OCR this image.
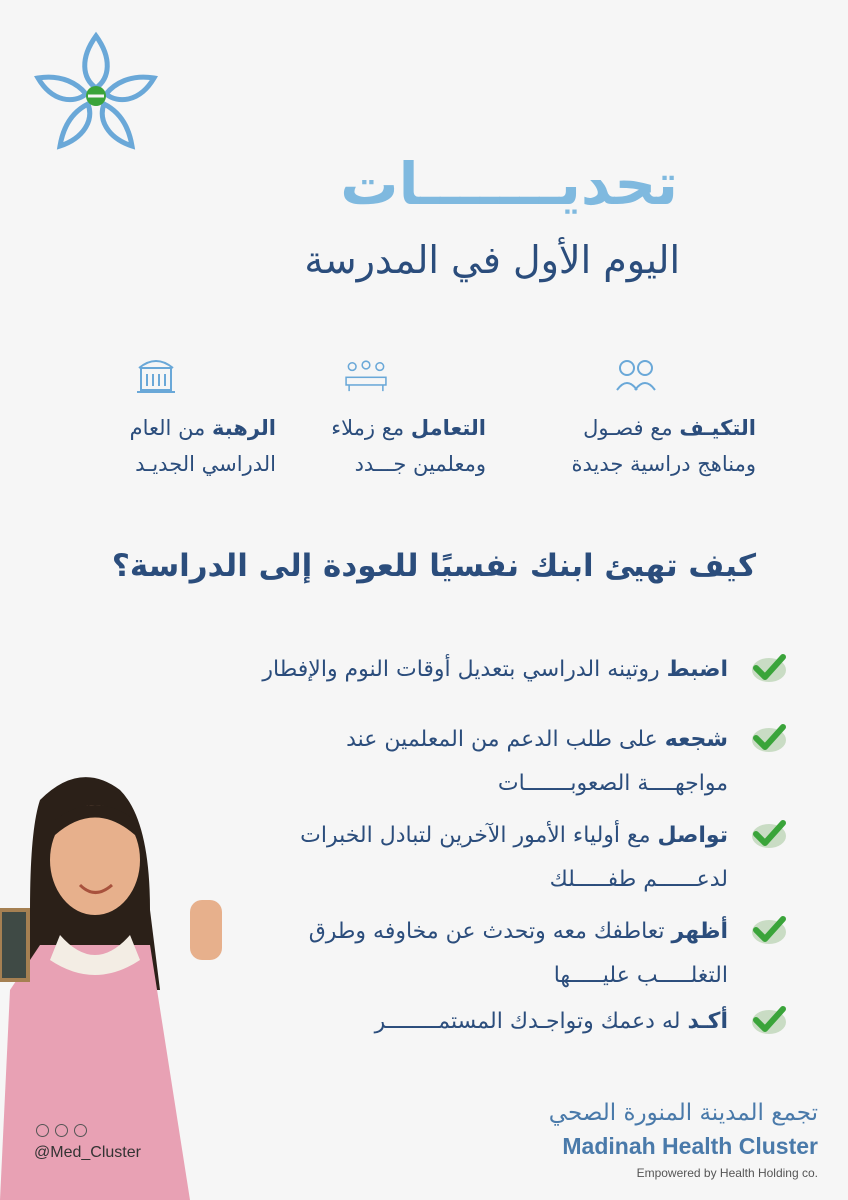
تحديـــــــات
اليوم الأول في المدرسة
التكيـف مع فصـول
ومناهج دراسية جديدة
التعامل مع زملاء
ومعلمين جـــدد
الرهبة من العام
الدراسي الجديـد
كيف تهيئ ابنك نفسيًا للعودة إلى الدراسة؟
اضبط روتينه الدراسي بتعديل أوقات النوم والإفطار
شجعه على طلب الدعم من المعلمين عند
مواجهــــة الصعوبـــــــات
تواصل مع أولياء الأمور الآخرين لتبادل الخبرات
لدعــــــم طفـــــلك
أظهر تعاطفك معه وتحدث عن مخاوفه وطرق
التغلـــــب عليـــــها
أكـد له دعمك وتواجـدك المستمــــــــر
@Med_Cluster
تجمع المدينة المنورة الصحي
Madinah Health Cluster
Empowered by Health Holding co.
